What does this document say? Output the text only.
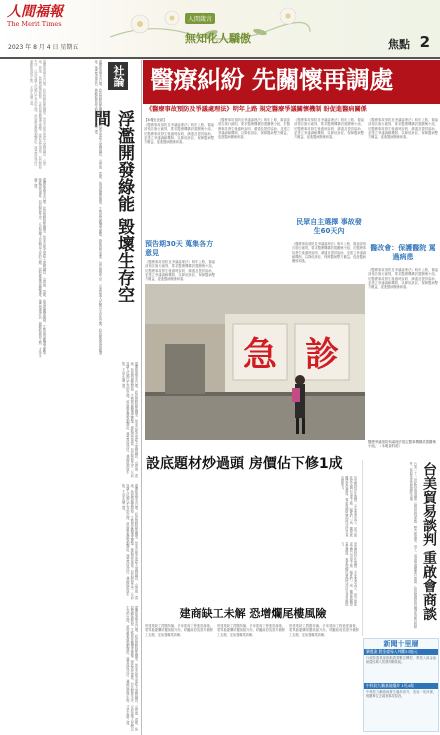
人間福報
The Merit Times
2023 年 8 月 4 日 星期五
人間箴言
無知化人驕傲	焦點 2
臺灣能源需求日增，政府推動綠能轉型，然而各地光電板大面積鋪設，山坡地、農地、魚塭相繼被開發，生態與景觀遭受衝擊。綠能固然重要，但若開發失序，反而毀壞人民賴以生存的空間。政府應審慎規劃選址，落實環境評估，兼顧能源與生態，才是永續之道。	社論
浮濫開發綠能 毀壞生存空間
臺灣能源需求日增，政府推動綠能轉型，然而各地光電板大面積鋪設，山坡地、農地、魚塭相繼被開發，生態與景觀遭受衝擊。綠能固然重要，但若開發失序，反而毀壞人民賴以生存的空間。政府應審慎規劃選址，落實環境評估，兼顧能源與生態，才是永續之道。
臺灣能源需求日增，政府推動綠能轉型，然而各地光電板大面積鋪設，山坡地、農地、魚塭相繼被開發，生態與景觀遭受衝擊。綠能固然重要，但若開發失序，反而毀壞人民賴以生存的空間。政府應審慎規劃選址，落實環境評估，兼顧能源與生態，才是永續之道。
臺灣能源需求日增，政府推動綠能轉型，然而各地光電板大面積鋪設，山坡地、農地、魚塭相繼被開發，生態與景觀遭受衝擊。綠能固然重要，但若開發失序，反而毀壞人民賴以生存的空間。政府應審慎規劃選址，落實環境評估，兼顧能源與生態，才是永續之道。
臺灣能源需求日增，政府推動綠能轉型，然而各地光電板大面積鋪設，山坡地、農地、魚塭相繼被開發，生態與景觀遭受衝擊。綠能固然重要，但若開發失序，反而毀壞人民賴以生存的空間。政府應審慎規劃選址，落實環境評估，兼顧能源與生態，才是永續之道。
臺灣能源需求日增，政府推動綠能轉型，然而各地光電板大面積鋪設，山坡地、農地、魚塭相繼被開發，生態與景觀遭受衝擊。綠能固然重要，但若開發失序，反而毀壞人民賴以生存的空間。政府應審慎規劃選址，落實環境評估，兼顧能源與生態，才是永續之道。
醫療糾紛 先關懷再調處
《醫療事故預防及爭議處理法》明年上路 規定醫療爭議關懷機制 盼促進醫病關係
【本報台北訊】
《醫療事故預防及爭議處理法》明年上路，衛福部預告施行細則，要求醫療機構設置關懷小組，於醫療事故發生後適時說明、溝通及提供協助，並建立爭議調解機制，以降低訴訟，保障醫病雙方權益，促進醫病關係和諧。
《醫療事故預防及爭議處理法》明年上路，衛福部預告施行細則，要求醫療機構設置關懷小組，於醫療事故發生後適時說明、溝通及提供協助，並建立爭議調解機制，以降低訴訟，保障醫病雙方權益，促進醫病關係和諧。
《醫療事故預防及爭議處理法》明年上路，衛福部預告施行細則，要求醫療機構設置關懷小組，於醫療事故發生後適時說明、溝通及提供協助，並建立爭議調解機制，以降低訴訟，保障醫病雙方權益，促進醫病關係和諧。
《醫療事故預防及爭議處理法》明年上路，衛福部預告施行細則，要求醫療機構設置關懷小組，於醫療事故發生後適時說明、溝通及提供協助，並建立爭議調解機制，以降低訴訟，保障醫病雙方權益，促進醫病關係和諧。
預告期30天 蒐集各方意見
《醫療事故預防及爭議處理法》明年上路，衛福部預告施行細則，要求醫療機構設置關懷小組，於醫療事故發生後適時說明、溝通及提供協助，並建立爭議調解機制，以降低訴訟，保障醫病雙方權益，促進醫病關係和諧。
民眾自主選擇 事故發生60天內
《醫療事故預防及爭議處理法》明年上路，衛福部預告施行細則，要求醫療機構設置關懷小組，於醫療事故發生後適時說明、溝通及提供協助，並建立爭議調解機制，以降低訴訟，保障醫病雙方權益，促進醫病關係和諧。
醫改會：保護醫院 罵過病患
《醫療事故預防及爭議處理法》明年上路，衛福部預告施行細則，要求醫療機構設置關懷小組，於醫療事故發生後適時說明、溝通及提供協助，並建立爭議調解機制，以降低訴訟，保障醫病雙方權益，促進醫病關係和諧。
急 診
醫療爭議預防與處理法規定醫事機構設置關懷小組。（本報資料照）
設底題材炒過頭 房價佔下修1成
房市題材炒作過熱，多家業者表示，部分地區成交價已出現下修，幅度約一成，購屋族觀望氣氛濃厚，專家提醒民眾理性評估自身負擔能力。
房市題材炒作過熱，多家業者表示，部分地區成交價已出現下修，幅度約一成，購屋族觀望氣氛濃厚，專家提醒民眾理性評估自身負擔能力。	台美貿易談判 重啟會商談
台美二十一世紀貿易倡議第二階段談判重啟，雙方就農業、勞工、環境等議題進行會商，政府強調將持續爭取最有利條件，協助產業拓展國際市場。
建商缺工未解 恐增爛尾樓風險
營建業缺工問題持續，多家建商工程進度落後，業界擔憂爛尾樓風險升高，呼籲政府放寬外籍移工名額，並加強職業訓練。
營建業缺工問題持續，多家建商工程進度落後，業界擔憂爛尾樓風險升高，呼籲政府放寬外籍移工名額，並加強職業訓練。
營建業缺工問題持續，多家建商工程進度落後，業界擔憂爛尾樓風險升高，呼籲政府放寬外籍移工名額，並加強職業訓練。
新聞十里層
樂農業 將金提導入判斷53億元
行政院農業部推動農業數位轉型，將投入資金協助農民導入智慧判斷系統。
中科院九鵬基地爆炸 1死4傷
中科院九鵬基地發生爆炸意外，造成一死四傷，相關單位正調查事故原因。
